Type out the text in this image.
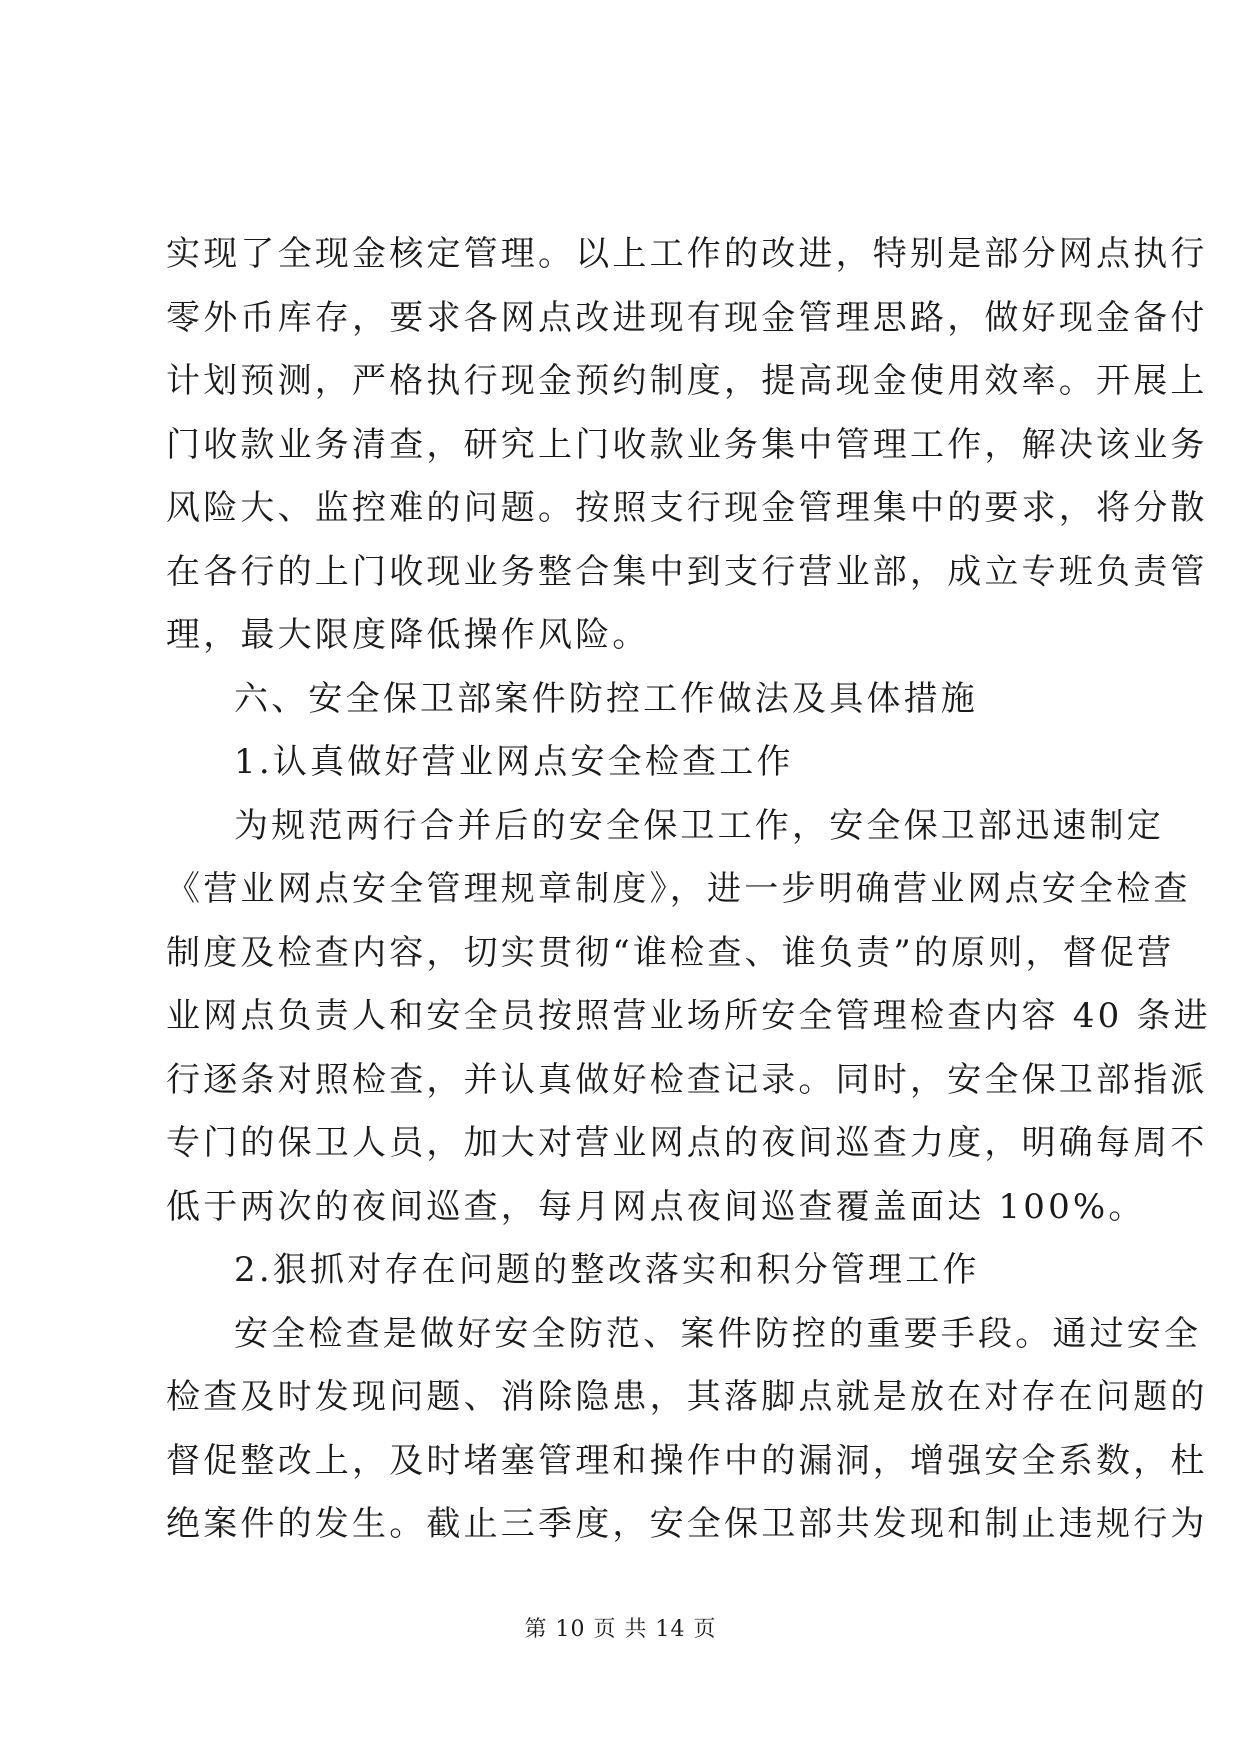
实现了全现金核定管理。以上工作的改进，特别是部分网点执行
零外币库存，要求各网点改进现有现金管理思路，做好现金备付
计划预测，严格执行现金预约制度，提高现金使用效率。开展上
门收款业务清查，研究上门收款业务集中管理工作，解决该业务
风险大、监控难的问题。按照支行现金管理集中的要求，将分散
在各行的上门收现业务整合集中到支行营业部，成立专班负责管
理，最大限度降低操作风险。
六、安全保卫部案件防控工作做法及具体措施
1.认真做好营业网点安全检查工作
为规范两行合并后的安全保卫工作，安全保卫部迅速制定
《营业网点安全管理规章制度》，进一步明确营业网点安全检查
制度及检查内容，切实贯彻“谁检查、谁负责”的原则，督促营
业网点负责人和安全员按照营业场所安全管理检查内容 40 条进
行逐条对照检查，并认真做好检查记录。同时，安全保卫部指派
专门的保卫人员，加大对营业网点的夜间巡查力度，明确每周不
低于两次的夜间巡查，每月网点夜间巡查覆盖面达 100%。
2.狠抓对存在问题的整改落实和积分管理工作
安全检查是做好安全防范、案件防控的重要手段。通过安全
检查及时发现问题、消除隐患，其落脚点就是放在对存在问题的
督促整改上，及时堵塞管理和操作中的漏洞，增强安全系数，杜
绝案件的发生。截止三季度，安全保卫部共发现和制止违规行为
第 10 页 共 14 页
